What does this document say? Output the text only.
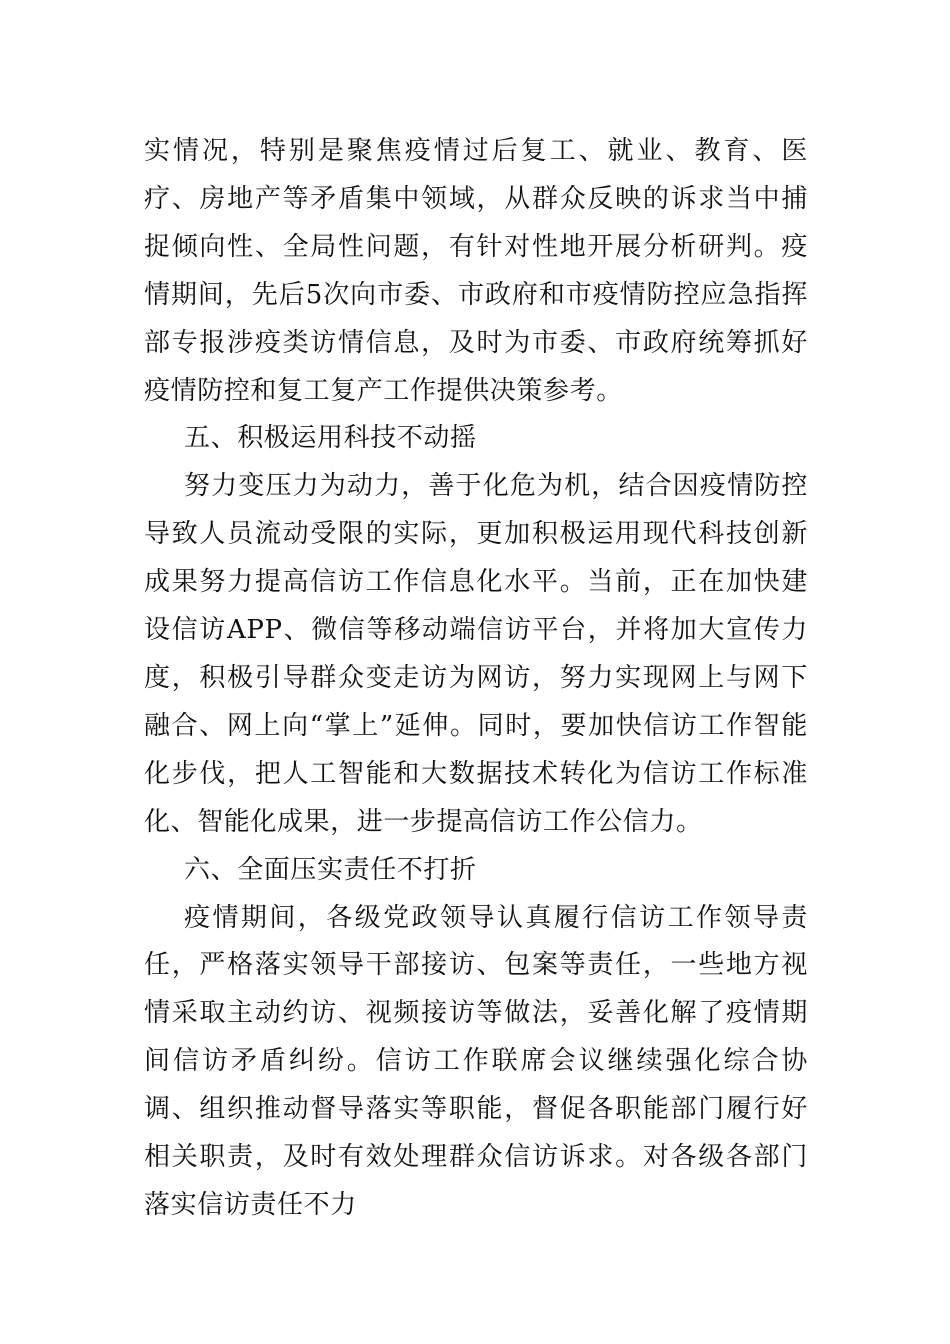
实情况，特别是聚焦疫情过后复工、就业、教育、医疗、房地产等矛盾集中领域，从群众反映的诉求当中捕捉倾向性、全局性问题，有针对性地开展分析研判。疫情期间，先后5次向市委、市政府和市疫情防控应急指挥部专报涉疫类访情信息，及时为市委、市政府统筹抓好疫情防控和复工复产工作提供决策参考。

五、积极运用科技不动摇

努力变压力为动力，善于化危为机，结合因疫情防控导致人员流动受限的实际，更加积极运用现代科技创新成果努力提高信访工作信息化水平。当前，正在加快建设信访APP、微信等移动端信访平台，并将加大宣传力度，积极引导群众变走访为网访，努力实现网上与网下融合、网上向“掌上”延伸。同时，要加快信访工作智能化步伐，把人工智能和大数据技术转化为信访工作标准化、智能化成果，进一步提高信访工作公信力。

六、全面压实责任不打折

疫情期间，各级党政领导认真履行信访工作领导责任，严格落实领导干部接访、包案等责任，一些地方视情采取主动约访、视频接访等做法，妥善化解了疫情期间信访矛盾纠纷。信访工作联席会议继续强化综合协调、组织推动督导落实等职能，督促各职能部门履行好相关职责，及时有效处理群众信访诉求。对各级各部门落实信访责任不力
